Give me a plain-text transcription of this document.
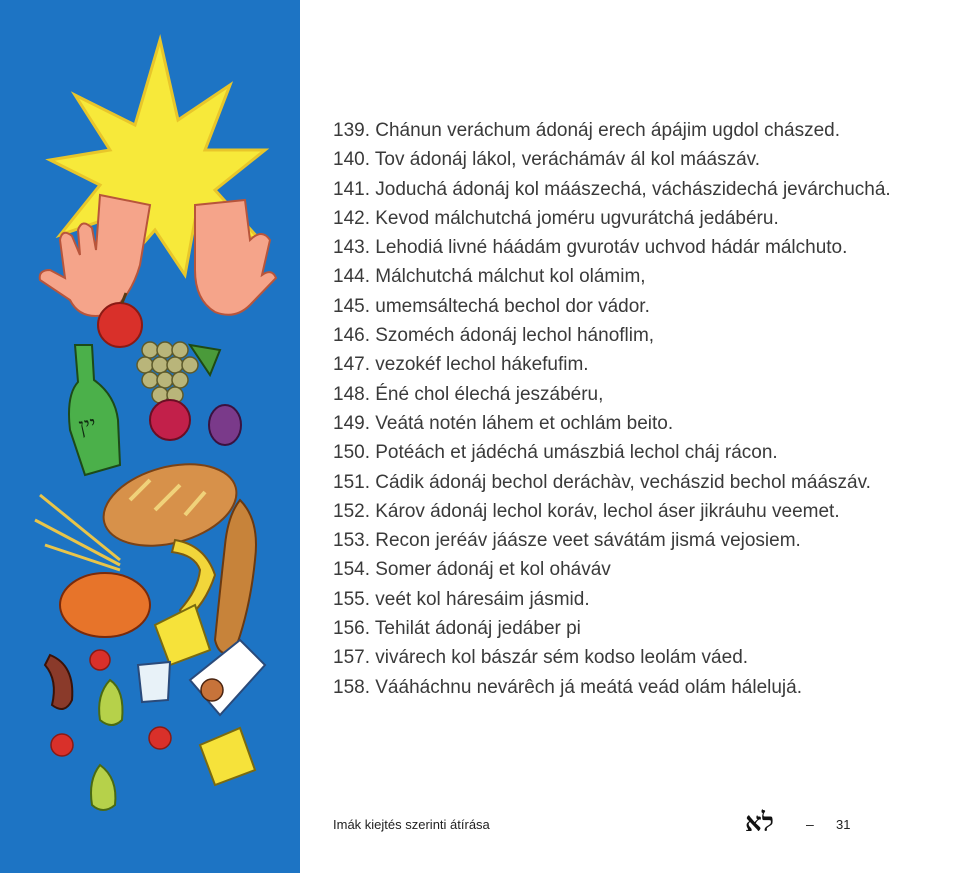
יין
139. Chánun veráchum ádonáj erech ápájim ugdol chászed.
140. Tov ádonáj lákol, veráchámáv ál kol máászáv.
141. Joduchá ádonáj kol máászechá, váchászidechá jevárchuchá.
142. Kevod málchutchá joméru ugvurátchá jedábéru.
143. Lehodiá livné háádám gvurotáv uchvod hádár málchuto.
144. Málchutchá málchut kol olámim,
145. umemsáltechá bechol dor vádor.
146. Szoméch ádonáj lechol hánoflim,
147. vezokéf lechol hákefufim.
148. Éné chol élechá jeszábéru,
149. Veátá notén láhem et ochlám beito.
150. Potéách et jádéchá umászbiá lechol cháj rácon.
151. Cádik ádonáj bechol deráchàv, vechászid bechol máászáv.
152. Károv ádonáj lechol koráv, lechol áser jikráuhu veemet.
153. Recon jeréáv jáásze veet sávátám jismá vejosiem.
154. Somer ádonáj et kol oháváv
155. veét kol háresáim jásmid.
156. Tehilát ádonáj jedáber pi
157. vivárech kol bászár sém kodso leolám váed.
158. Vááháchnu nevárêch já meátá veád olám hálelujá.
Imák kiejtés szerinti átírása	לא – 31
